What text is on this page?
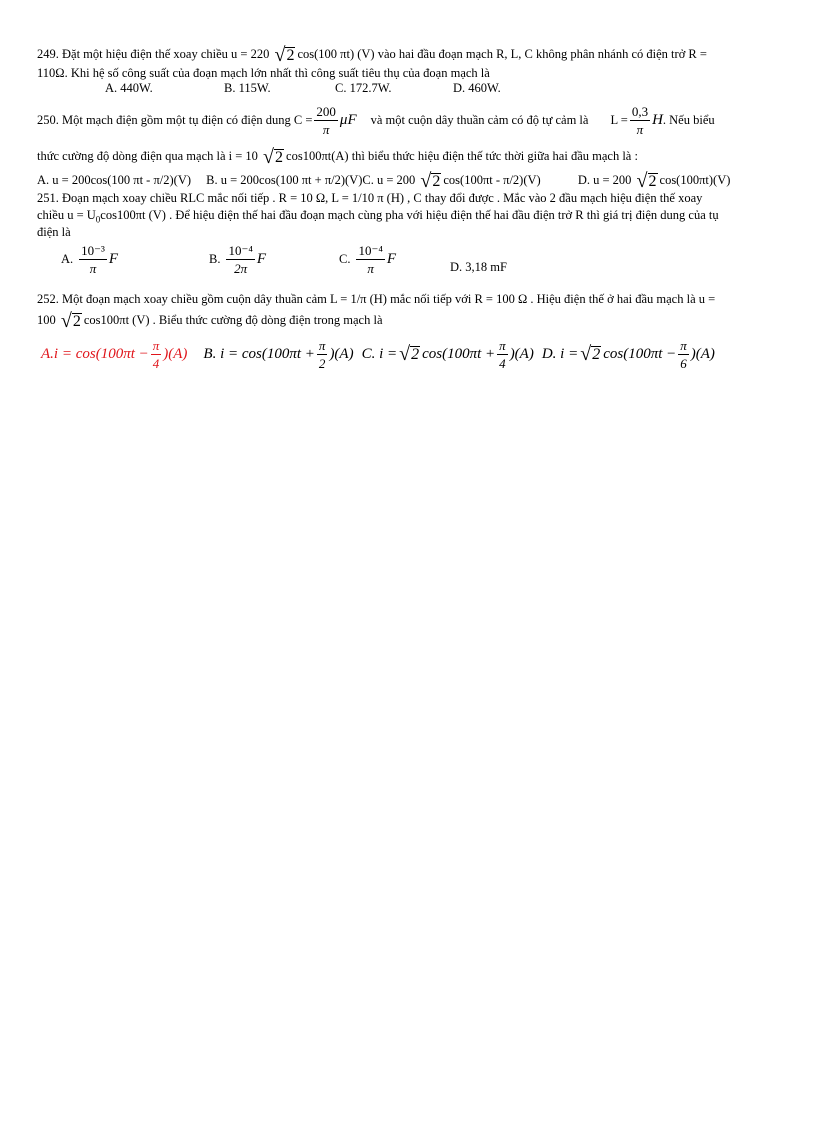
249. Đặt một hiệu điện thế xoay chiều u = 220 √ 2 cos(100 πt) (V) vào hai đầu đoạn mạch R, L, C không phân nhánh có điện trở R =
110Ω. Khi hệ số công suất của đoạn mạch lớn nhất thì công suất tiêu thụ của đoạn mạch là
A. 440W.	B. 115W.	C. 172.7W.	D. 460W.
250. Một mạch điện gồm một tụ điện có điện dung $C = \frac{200}{\pi}$ μF và một cuộn dây thuần cảm có độ tự cảm là $L = \frac{0,3}{\pi}$ H . Nếu biểu
thức cường độ dòng điện qua mạch là i = 10 √ 2 cos100πt(A) thì biểu thức hiệu điện thế tức thời giữa hai đầu mạch là :
A. u = 200cos(100 πt - π/2)(V) B. u = 200cos(100 πt + π/2)(V)C. u = 200 √ 2 cos(100πt - π/2)(V)	D. u = 200 √ 2 cos(100πt)(V)
251. Đoạn mạch xoay chiều RLC mắc nối tiếp . R = 10 Ω, L = 1/10 π (H) , C thay đổi được . Mắc vào 2 đầu mạch hiệu điện thế xoay
chiều $u = U_0\cos 100\pi t$ (V) . Để hiệu điện thế hai đầu đoạn mạch cùng pha với hiệu điện thế hai đầu điện trở R thì giá trị điện dung của tụ
điện là
A. $\frac{\text{10⁻³}}{\pi}$ F	B. $\frac{\text{10⁻⁴}}{2\pi}$ F	C. $\frac{\text{10⁻⁴}}{\pi}$ F	D. 3,18 mF
252. Một đoạn mạch xoay chiều gồm cuộn dây thuần cảm L = 1/π (H) mắc nối tiếp với R = 100 Ω . Hiệu điện thế ở hai đầu mạch là u =
100 √ 2 cos100πt (V) . Biểu thức cường độ dòng điện trong mạch là
$A.i = \cos(100\pi t - \frac{\pi}{4} )(A)$ B. $i = \cos(100\pi t + \frac{\pi}{2} )(A)$ C. i = √ 2 $\cos(100\pi t + \frac{\pi}{4} )(A)$ D. i = √ 2 $\cos(100\pi t - \frac{\pi}{6} )(A)$
